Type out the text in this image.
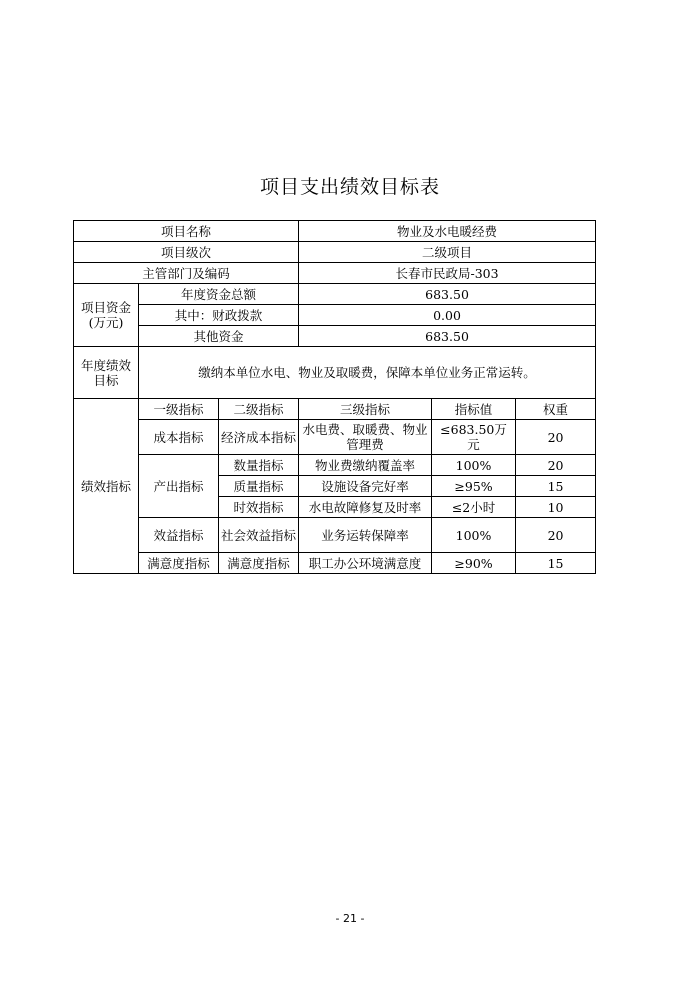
项目支出绩效目标表
项目名称			物业及水电暖经费		
项目级次			二级项目		
主管部门及编码			长春市民政局-303		
项目资金(万元)	年度资金总额		683.50		
	其中：财政拨款		0.00		
	其他资金		683.50		
年度绩效目标	缴纳本单位水电、物业及取暖费，保障本单位业务正常运转。				
绩效指标	一级指标	二级指标	三级指标	指标值	权重
	成本指标	经济成本指标	水电费、取暖费、物业管理费	≤683.50万元	20
	产出指标	数量指标	物业费缴纳覆盖率	100%	20
		质量指标	设施设备完好率	≥95%	15
		时效指标	水电故障修复及时率	≤2小时	10
	效益指标	社会效益指标	业务运转保障率	100%	20
	满意度指标	满意度指标	职工办公环境满意度	≥90%	15
- 21 -
